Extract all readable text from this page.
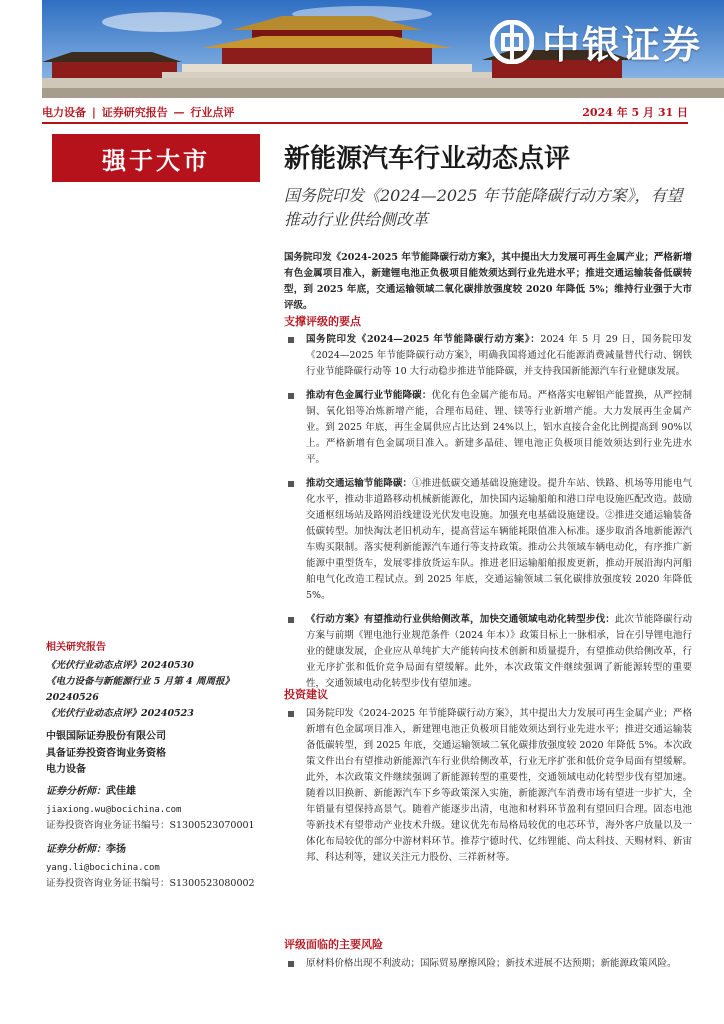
中银证券
电力设备 | 证券研究报告 — 行业点评	2024 年 5 月 31 日
强于大市	新能源汽车行业动态点评
国务院印发《2024—2025 年节能降碳行动方案》，有望推动行业供给侧改革
国务院印发《2024-2025 年节能降碳行动方案》，其中提出大力发展可再生金属产业；严格新增有色金属项目准入，新建锂电池正负极项目能效须达到行业先进水平；推进交通运输装备低碳转型，到 2025 年底，交通运输领域二氧化碳排放强度较 2020 年降低 5%；维持行业强于大市评级。
支撑评级的要点
国务院印发《2024—2025 年节能降碳行动方案》：2024 年 5 月 29 日，国务院印发《2024—2025 年节能降碳行动方案》，明确我国将通过化石能源消费减量替代行动、钢铁行业节能降碳行动等 10 大行动稳步推进节能降碳，并支持我国新能源汽车行业健康发展。
推动有色金属行业节能降碳：优化有色金属产能布局。严格落实电解铝产能置换，从严控制铜、氧化铝等冶炼新增产能，合理布局硅、锂、镁等行业新增产能。大力发展再生金属产业。到 2025 年底，再生金属供应占比达到 24%以上，铝水直接合金化比例提高到 90%以上。严格新增有色金属项目准入。新建多晶硅、锂电池正负极项目能效须达到行业先进水平。
推动交通运输节能降碳：①推进低碳交通基础设施建设。提升车站、铁路、机场等用能电气化水平，推动非道路移动机械新能源化，加快国内运输船舶和港口岸电设施匹配改造。鼓励交通枢纽场站及路网沿线建设光伏发电设施。加强充电基础设施建设。②推进交通运输装备低碳转型。加快淘汰老旧机动车，提高营运车辆能耗限值准入标准。逐步取消各地新能源汽车购买限制。落实便利新能源汽车通行等支持政策。推动公共领域车辆电动化，有序推广新能源中重型货车，发展零排放货运车队。推进老旧运输船舶报废更新，推动开展沿海内河船舶电气化改造工程试点。到 2025 年底，交通运输领域二氧化碳排放强度较 2020 年降低 5%。
《行动方案》有望推动行业供给侧改革，加快交通领域电动化转型步伐：此次节能降碳行动方案与前期《锂电池行业规范条件（2024 年本）》政策目标上一脉相承，旨在引导锂电池行业的健康发展，企业应从单纯扩大产能转向技术创新和质量提升，有望推动供给侧改革，行业无序扩张和低价竞争局面有望缓解。此外，本次政策文件继续强调了新能源转型的重要性，交通领域电动化转型步伐有望加速。
投资建议
国务院印发《2024-2025 年节能降碳行动方案》，其中提出大力发展可再生金属产业；严格新增有色金属项目准入，新建锂电池正负极项目能效须达到行业先进水平；推进交通运输装备低碳转型，到 2025 年底，交通运输领域二氧化碳排放强度较 2020 年降低 5%。本次政策文件出台有望推动新能源汽车行业供给侧改革，行业无序扩张和低价竞争局面有望缓解。此外，本次政策文件继续强调了新能源转型的重要性，交通领域电动化转型步伐有望加速。随着以旧换新、新能源汽车下乡等政策深入实施，新能源汽车消费市场有望进一步扩大，全年销量有望保持高景气。随着产能逐步出清，电池和材料环节盈利有望回归合理。固态电池等新技术有望带动产业技术升级。建议优先布局格局较优的电芯环节，海外客户放量以及一体化布局较优的部分中游材料环节。推荐宁德时代、亿纬锂能、尚太科技、天赐材料、新宙邦、科达利等，建议关注元力股份、三祥新材等。
评级面临的主要风险
原材料价格出现不利波动；国际贸易摩擦风险；新技术进展不达预期；新能源政策风险。
相关研究报告
《光伏行业动态点评》20240530
《电力设备与新能源行业 5 月第 4 周周报》20240526
《光伏行业动态点评》20240523
中银国际证券股份有限公司
具备证券投资咨询业务资格
电力设备
证券分析师：武佳雄
jiaxiong.wu@bocichina.com
证券投资咨询业务证书编号：S1300523070001
证券分析师：李扬
yang.li@bocichina.com
证券投资咨询业务证书编号：S1300523080002
